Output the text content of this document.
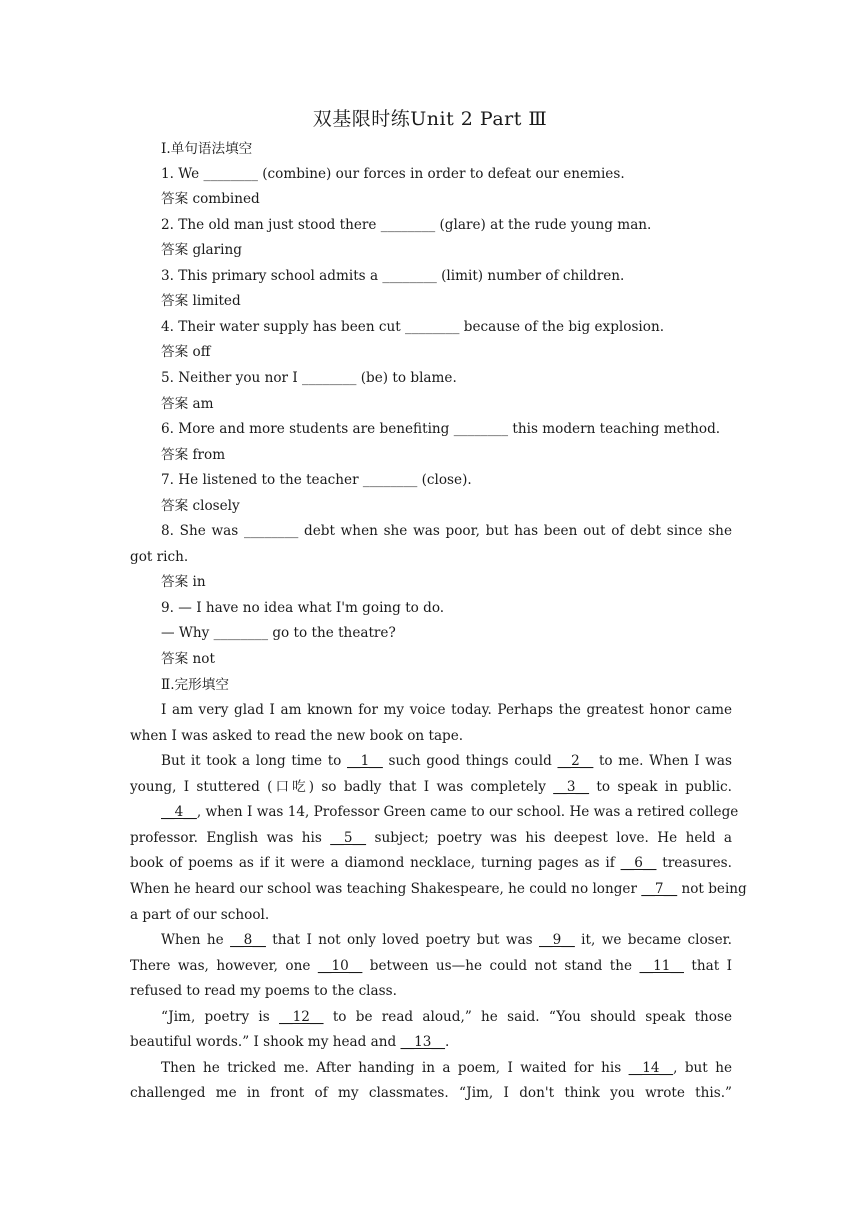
双基限时练Unit 2 Part Ⅲ
Ⅰ.单句语法填空
1. We ________ (combine) our forces in order to defeat our enemies.
答案 combined
2. The old man just stood there ________ (glare) at the rude young man.
答案 glaring
3. This primary school admits a ________ (limit) number of children.
答案 limited
4. Their water supply has been cut ________ because of the big explosion.
答案 off
5. Neither you nor I ________ (be) to blame.
答案 am
6. More and more students are benefiting ________ this modern teaching method.
答案 from
7. He listened to the teacher ________ (close).
答案 closely
8. She was ________ debt when she was poor, but has been out of debt since she
got rich.
答案 in
9. — I have no idea what I'm going to do.
— Why ________ go to the theatre?
答案 not
Ⅱ.完形填空
I am very glad I am known for my voice today. Perhaps the greatest honor came
when I was asked to read the new book on tape.
But it took a long time to __1__ such good things could __2__ to me. When I was
young, I stuttered (口吃) so badly that I was completely __3__ to speak in public.
__4__, when I was 14, Professor Green came to our school. He was a retired college
professor. English was his __5__ subject; poetry was his deepest love. He held a
book of poems as if it were a diamond necklace, turning pages as if __6__ treasures.
When he heard our school was teaching Shakespeare, he could no longer __7__ not being
a part of our school.
When he __8__ that I not only loved poetry but was __9__ it, we became closer.
There was, however, one __10__ between us—he could not stand the __11__ that I
refused to read my poems to the class.
“Jim, poetry is __12__ to be read aloud,” he said. “You should speak those
beautiful words.” I shook my head and __13__.
Then he tricked me. After handing in a poem, I waited for his __14__, but he
challenged me in front of my classmates. “Jim, I don't think you wrote this.”
